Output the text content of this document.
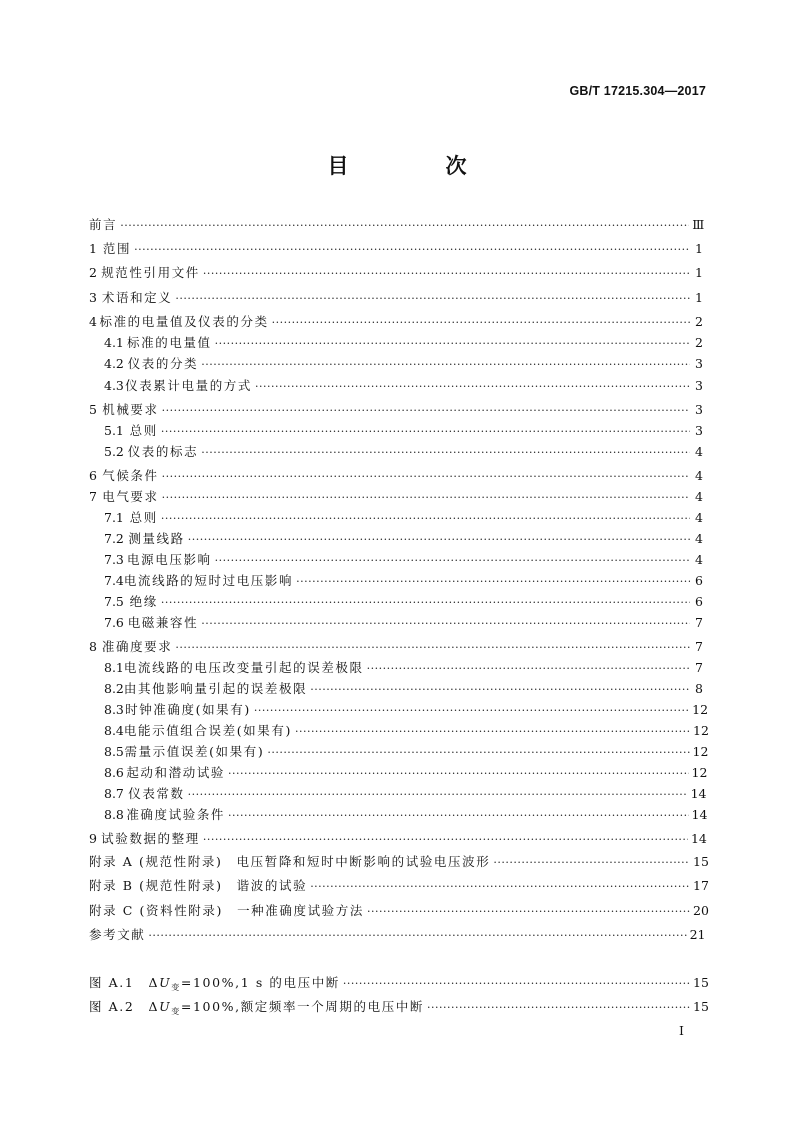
GB/T 17215.304—2017
目　次
前言 ·····	Ⅲ
1 范围 ·····	1
2 规范性引用文件 ·····	1
3 术语和定义 ·····	1
4 标准的电量值及仪表的分类 ·····	2
4.1 标准的电量值 ·····	2
4.2 仪表的分类 ·····	3
4.3 仪表累计电量的方式 ·····	3
5 机械要求 ·····	3
5.1 总则 ·····	3
5.2 仪表的标志 ·····	4
6 气候条件 ·····	4
7 电气要求 ·····	4
7.1 总则 ·····	4
7.2 测量线路 ·····	4
7.3 电源电压影响 ·····	4
7.4 电流线路的短时过电压影响 ·····	6
7.5 绝缘 ·····	6
7.6 电磁兼容性 ·····	7
8 准确度要求 ·····	7
8.1 电流线路的电压改变量引起的误差极限 ·····	7
8.2 由其他影响量引起的误差极限 ·····	8
8.3 时钟准确度(如果有) ·····	12
8.4 电能示值组合误差(如果有) ·····	12
8.5 需量示值误差(如果有) ·····	12
8.6 起动和潜动试验 ·····	12
8.7 仪表常数 ·····	14
8.8 准确度试验条件 ·····	14
9 试验数据的整理 ·····	14
附录 A (规范性附录)　电压暂降和短时中断影响的试验电压波形 ·····	15
附录 B (规范性附录)　谐波的试验 ·····	17
附录 C (资料性附录)　一种准确度试验方法 ·····	20
参考文献 ·····	21
图 A.1　$\Delta U_变=100\%,1$ s 的电压中断 ·····	15
图 A.2　$\Delta U_变=100\%$,额定频率一个周期的电压中断 ·····	15
I
